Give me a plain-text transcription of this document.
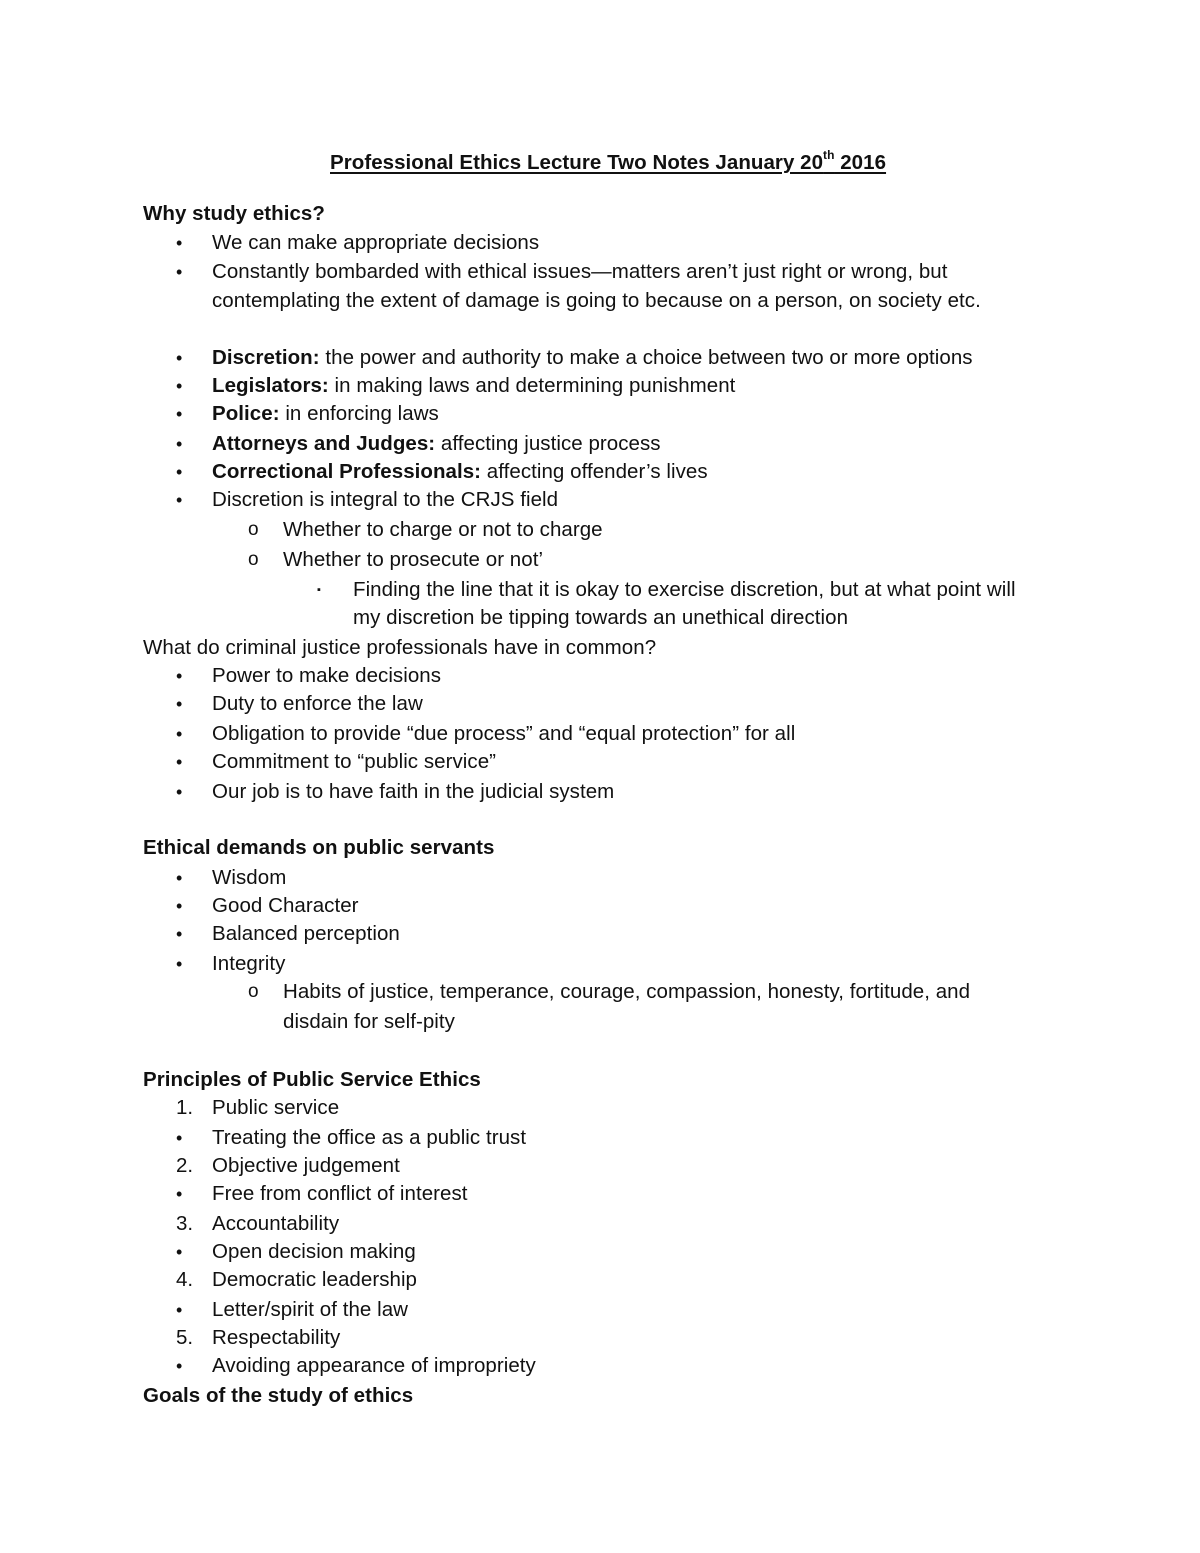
Professional Ethics Lecture Two Notes January 20th 2016
Why study ethics?
• We can make appropriate decisions
• Constantly bombarded with ethical issues—matters aren’t just right or wrong, but
contemplating the extent of damage is going to because on a person, on society etc.
• Discretion: the power and authority to make a choice between two or more options
• Legislators: in making laws and determining punishment
• Police: in enforcing laws
• Attorneys and Judges: affecting justice process
• Correctional Professionals: affecting offender’s lives
• Discretion is integral to the CRJS field
o Whether to charge or not to charge
o Whether to prosecute or not’
▪ Finding the line that it is okay to exercise discretion, but at what point will
my discretion be tipping towards an unethical direction
What do criminal justice professionals have in common?
• Power to make decisions
• Duty to enforce the law
• Obligation to provide “due process” and “equal protection” for all
• Commitment to “public service”
• Our job is to have faith in the judicial system
Ethical demands on public servants
• Wisdom
• Good Character
• Balanced perception
• Integrity
o Habits of justice, temperance, courage, compassion, honesty, fortitude, and
disdain for self-pity
Principles of Public Service Ethics
1. Public service
• Treating the office as a public trust
2. Objective judgement
• Free from conflict of interest
3. Accountability
• Open decision making
4. Democratic leadership
• Letter/spirit of the law
5. Respectability
• Avoiding appearance of impropriety
Goals of the study of ethics
